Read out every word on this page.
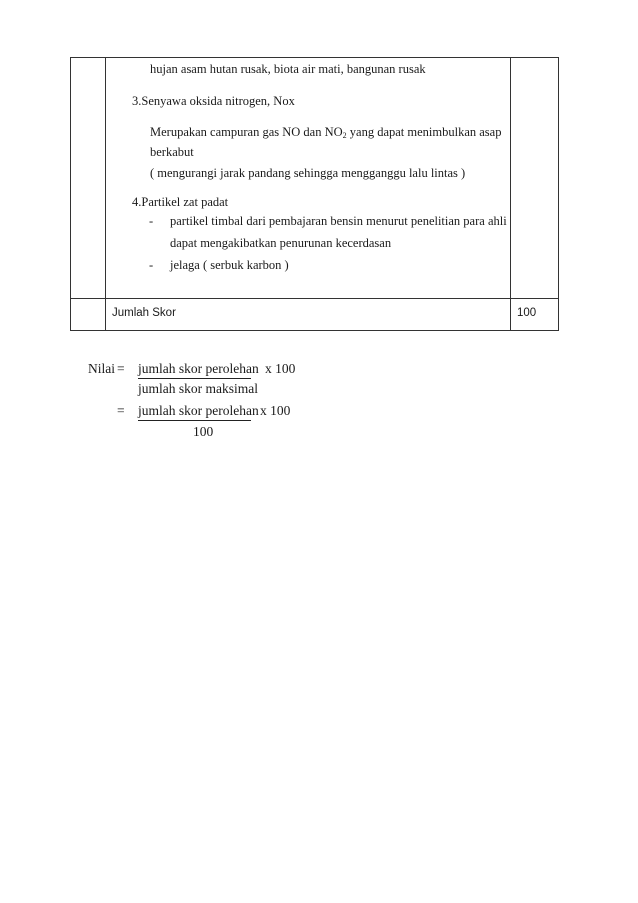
hujan asam hutan rusak, biota air mati, bangunan rusak
3.Senyawa oksida nitrogen, Nox
Merupakan campuran gas NO dan $NO_2$ yang dapat menimbulkan asap
berkabut
( mengurangi jarak pandang sehingga mengganggu lalu lintas )
4.Partikel zat padat
- partikel timbal dari pembajaran bensin menurut penelitian para ahli
dapat mengakibatkan penurunan kecerdasan
- jelaga ( serbuk karbon )
Jumlah Skor	100
Nilai = jumlah skor perolehan x 100
jumlah skor maksimal
= jumlah skor perolehan x 100
100
